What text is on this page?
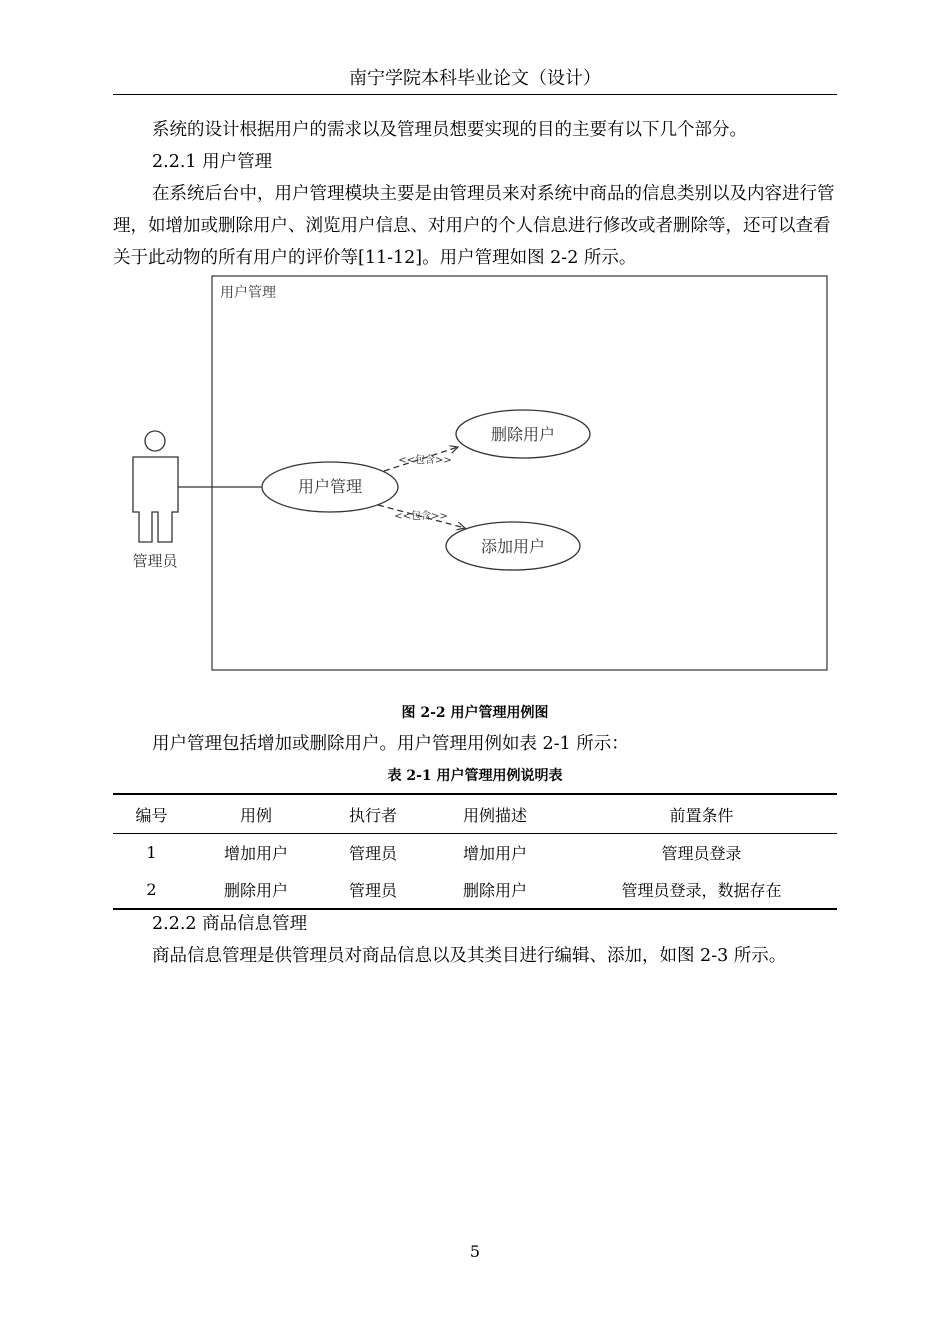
南宁学院本科毕业论文（设计）
系统的设计根据用户的需求以及管理员想要实现的目的主要有以下几个部分。
2.2.1 用户管理
在系统后台中，用户管理模块主要是由管理员来对系统中商品的信息类别以及内容进行管理，如增加或删除用户、浏览用户信息、对用户的个人信息进行修改或者删除等，还可以查看关于此动物的所有用户的评价等[11-12]。用户管理如图 2-2 所示。
用户管理
管理员
用户管理
删除用户
添加用户
<<包含>>
<<包含>>
图 2-2 用户管理用例图
用户管理包括增加或删除用户。用户管理用例如表 2-1 所示：
表 2-1 用户管理用例说明表
编号	用例	执行者	用例描述	前置条件
1	增加用户	管理员	增加用户	管理员登录
2	删除用户	管理员	删除用户	管理员登录，数据存在
2.2.2 商品信息管理
商品信息管理是供管理员对商品信息以及其类目进行编辑、添加，如图 2-3 所示。
5
